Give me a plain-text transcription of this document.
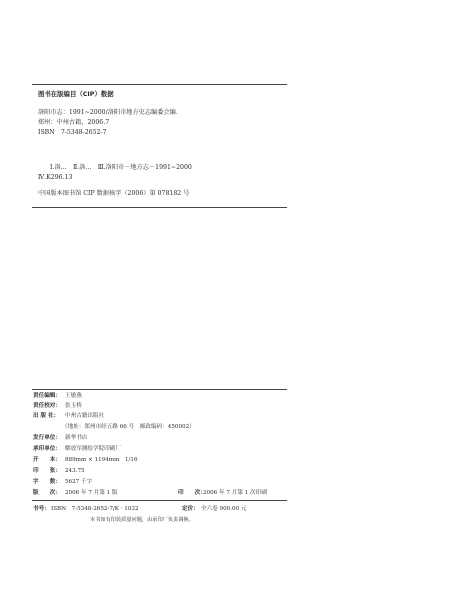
图书在版编目（CIP）数据
洛阳市志：1991~2000/洛阳市地方史志编委会编．
郑州：中州古籍，2006.7
ISBN　7-5348-2652-7
Ⅰ.洛…　Ⅱ.洛…　Ⅲ.洛阳市－地方志－1991~2000
Ⅳ.K296.13
中国版本图书馆 CIP 数据核字（2006）第 078182 号
责任编辑： 王敏燕
责任校对： 张玉桥
出 版 社： 中州古籍出版社
（地址：郑州市经五路 66 号　邮政编码：450002）
发行单位： 新华书店
承印单位： 解放军测绘学院印刷厂
开　　本： 889mm × 1194mm　1/16
印　　张： 243.75
字　　数： 5627 千字
版　　次： 2006 年 7 月第 1 版	印　　次：
2006 年 7 月第 1 次印刷
书号： ISBN　7-5348-2652-7/K · 1032	定价： 全六卷 900.00 元
本书如有印装质量问题，由承印厂负责调换。
